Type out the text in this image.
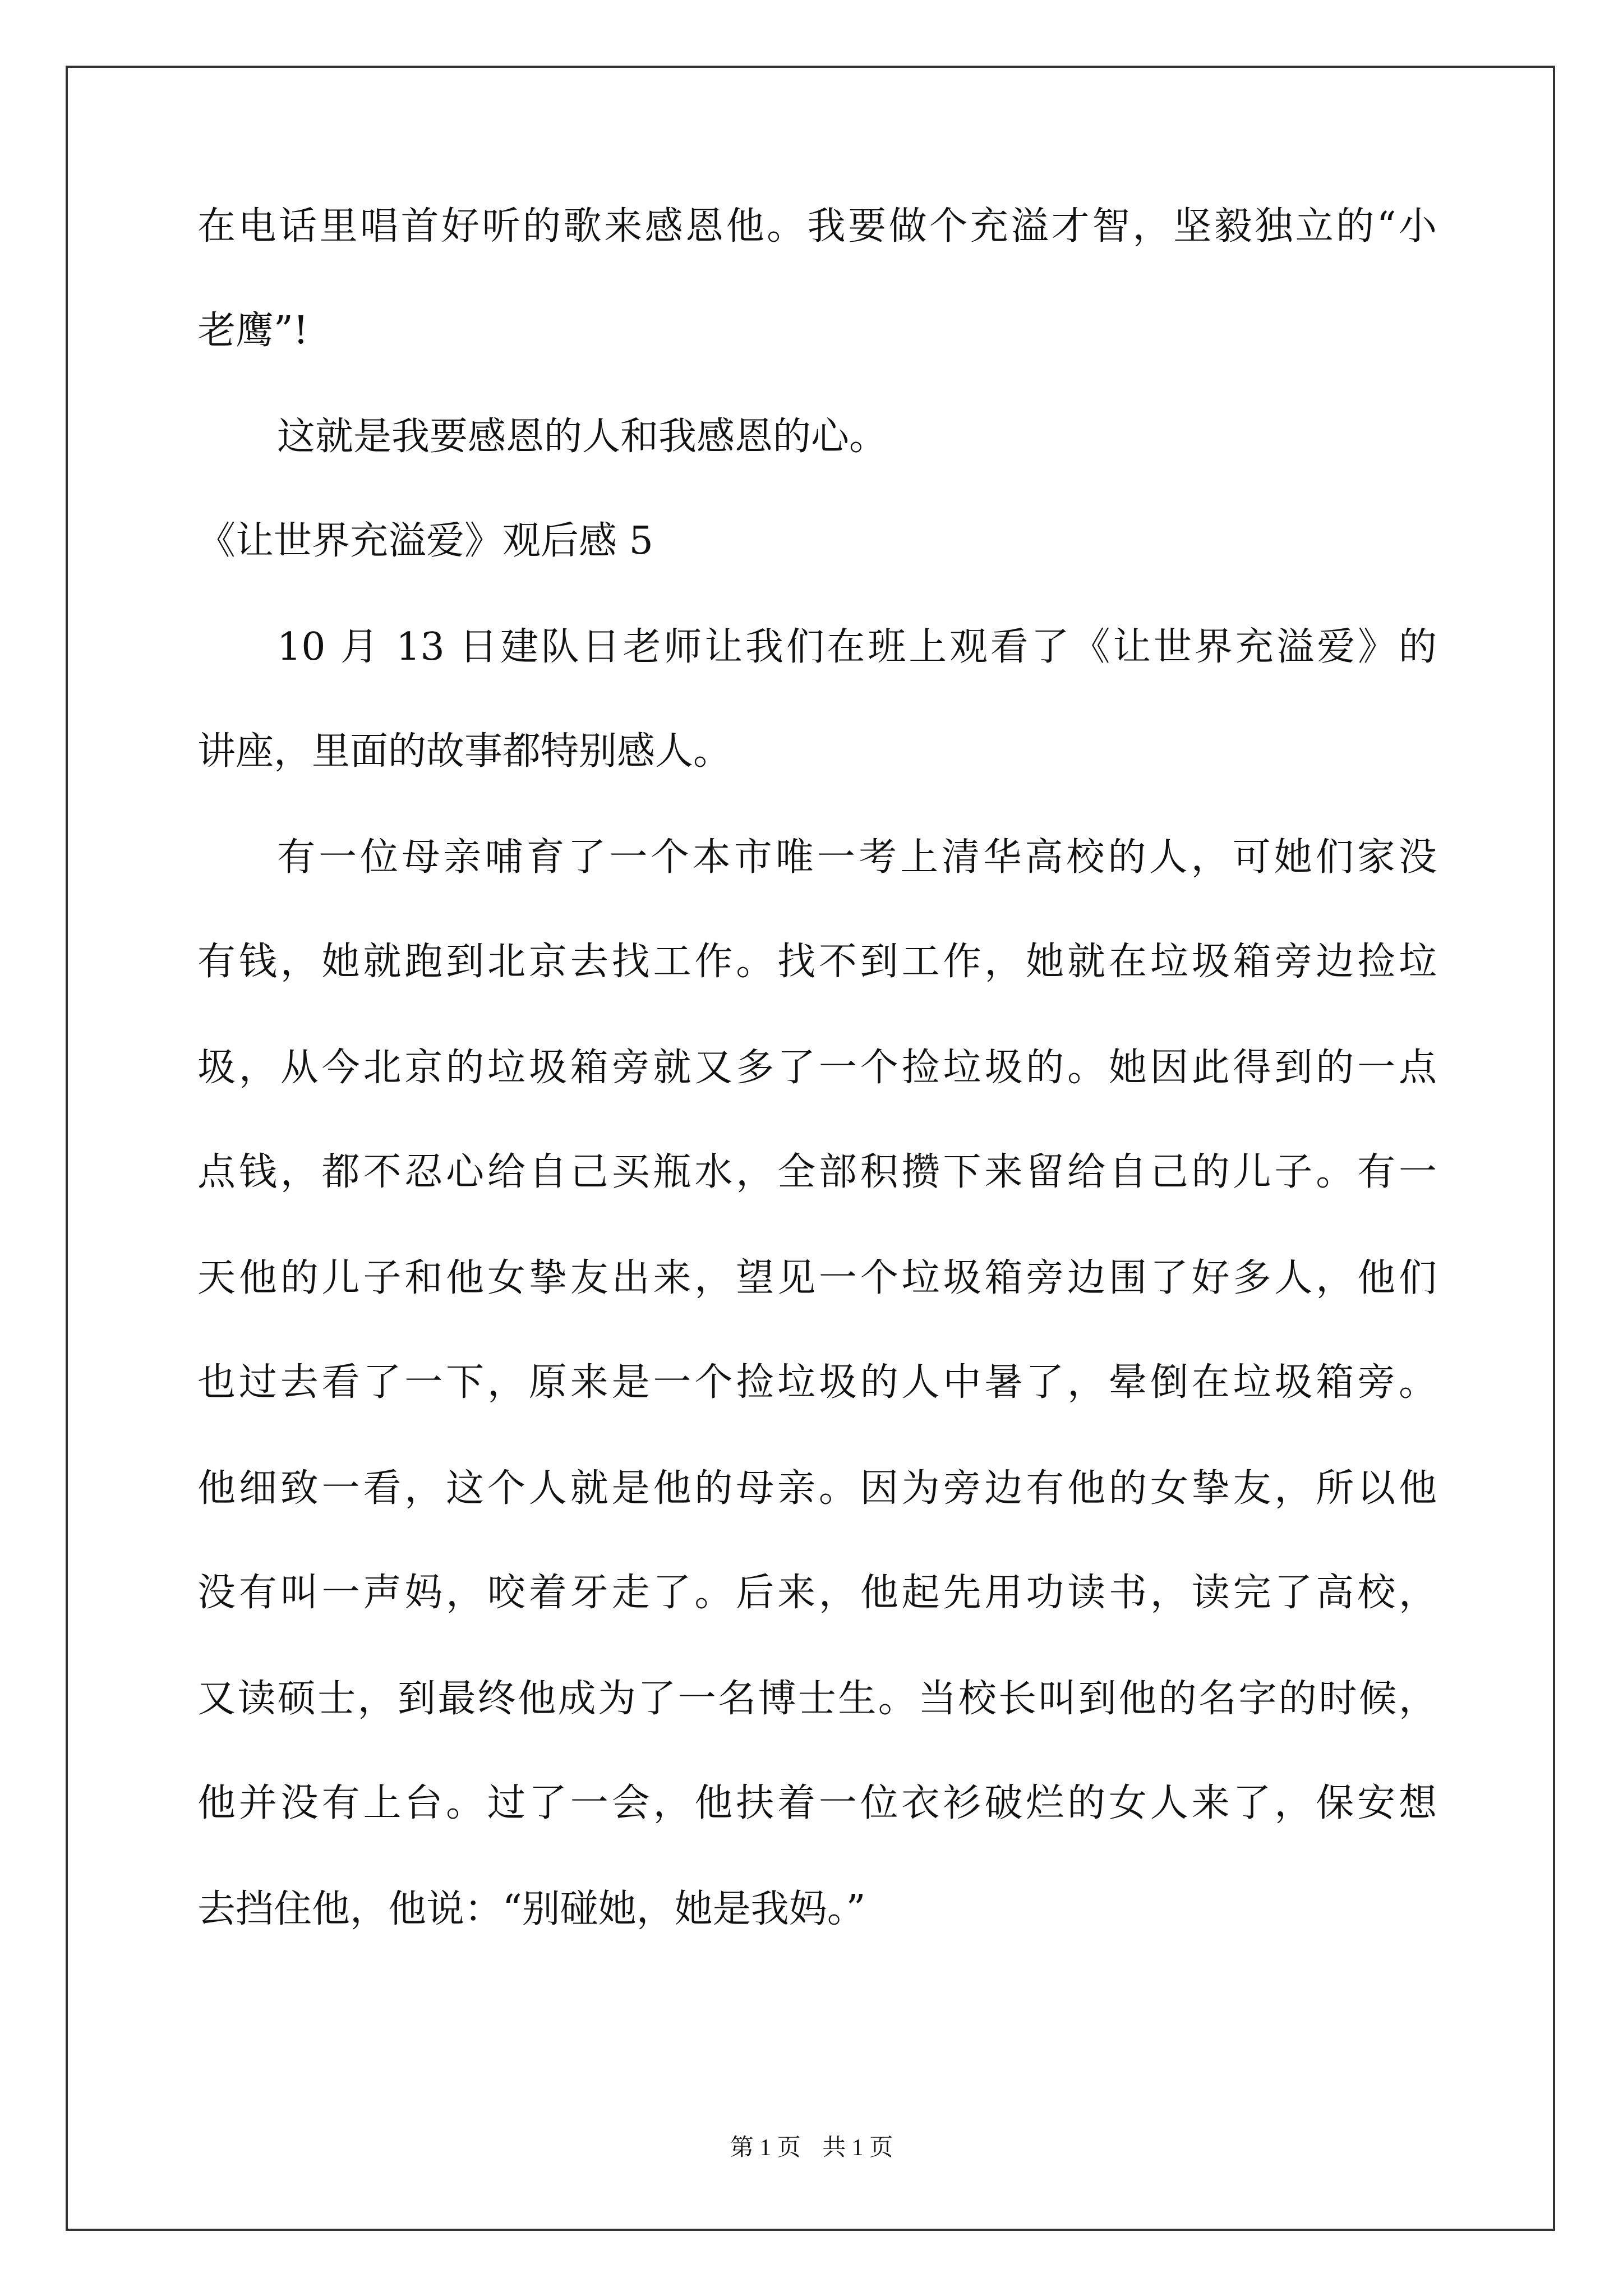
在电话里唱首好听的歌来感恩他。我要做个充溢才智，坚毅独立的“小

老鹰”!

这就是我要感恩的人和我感恩的心。

《让世界充溢爱》观后感 5

10 月 13 日建队日老师让我们在班上观看了《让世界充溢爱》的

讲座，里面的故事都特别感人。

有一位母亲哺育了一个本市唯一考上清华高校的人，可她们家没

有钱，她就跑到北京去找工作。找不到工作，她就在垃圾箱旁边捡垃

圾，从今北京的垃圾箱旁就又多了一个捡垃圾的。她因此得到的一点

点钱，都不忍心给自己买瓶水，全部积攒下来留给自己的儿子。有一

天他的儿子和他女挚友出来，望见一个垃圾箱旁边围了好多人，他们

也过去看了一下，原来是一个捡垃圾的人中暑了，晕倒在垃圾箱旁。

他细致一看，这个人就是他的母亲。因为旁边有他的女挚友，所以他

没有叫一声妈，咬着牙走了。后来，他起先用功读书，读完了高校，

又读硕士，到最终他成为了一名博士生。当校长叫到他的名字的时候，

他并没有上台。过了一会，他扶着一位衣衫破烂的女人来了，保安想

去挡住他，他说：“别碰她，她是我妈。”

第 1 页 共 1 页
